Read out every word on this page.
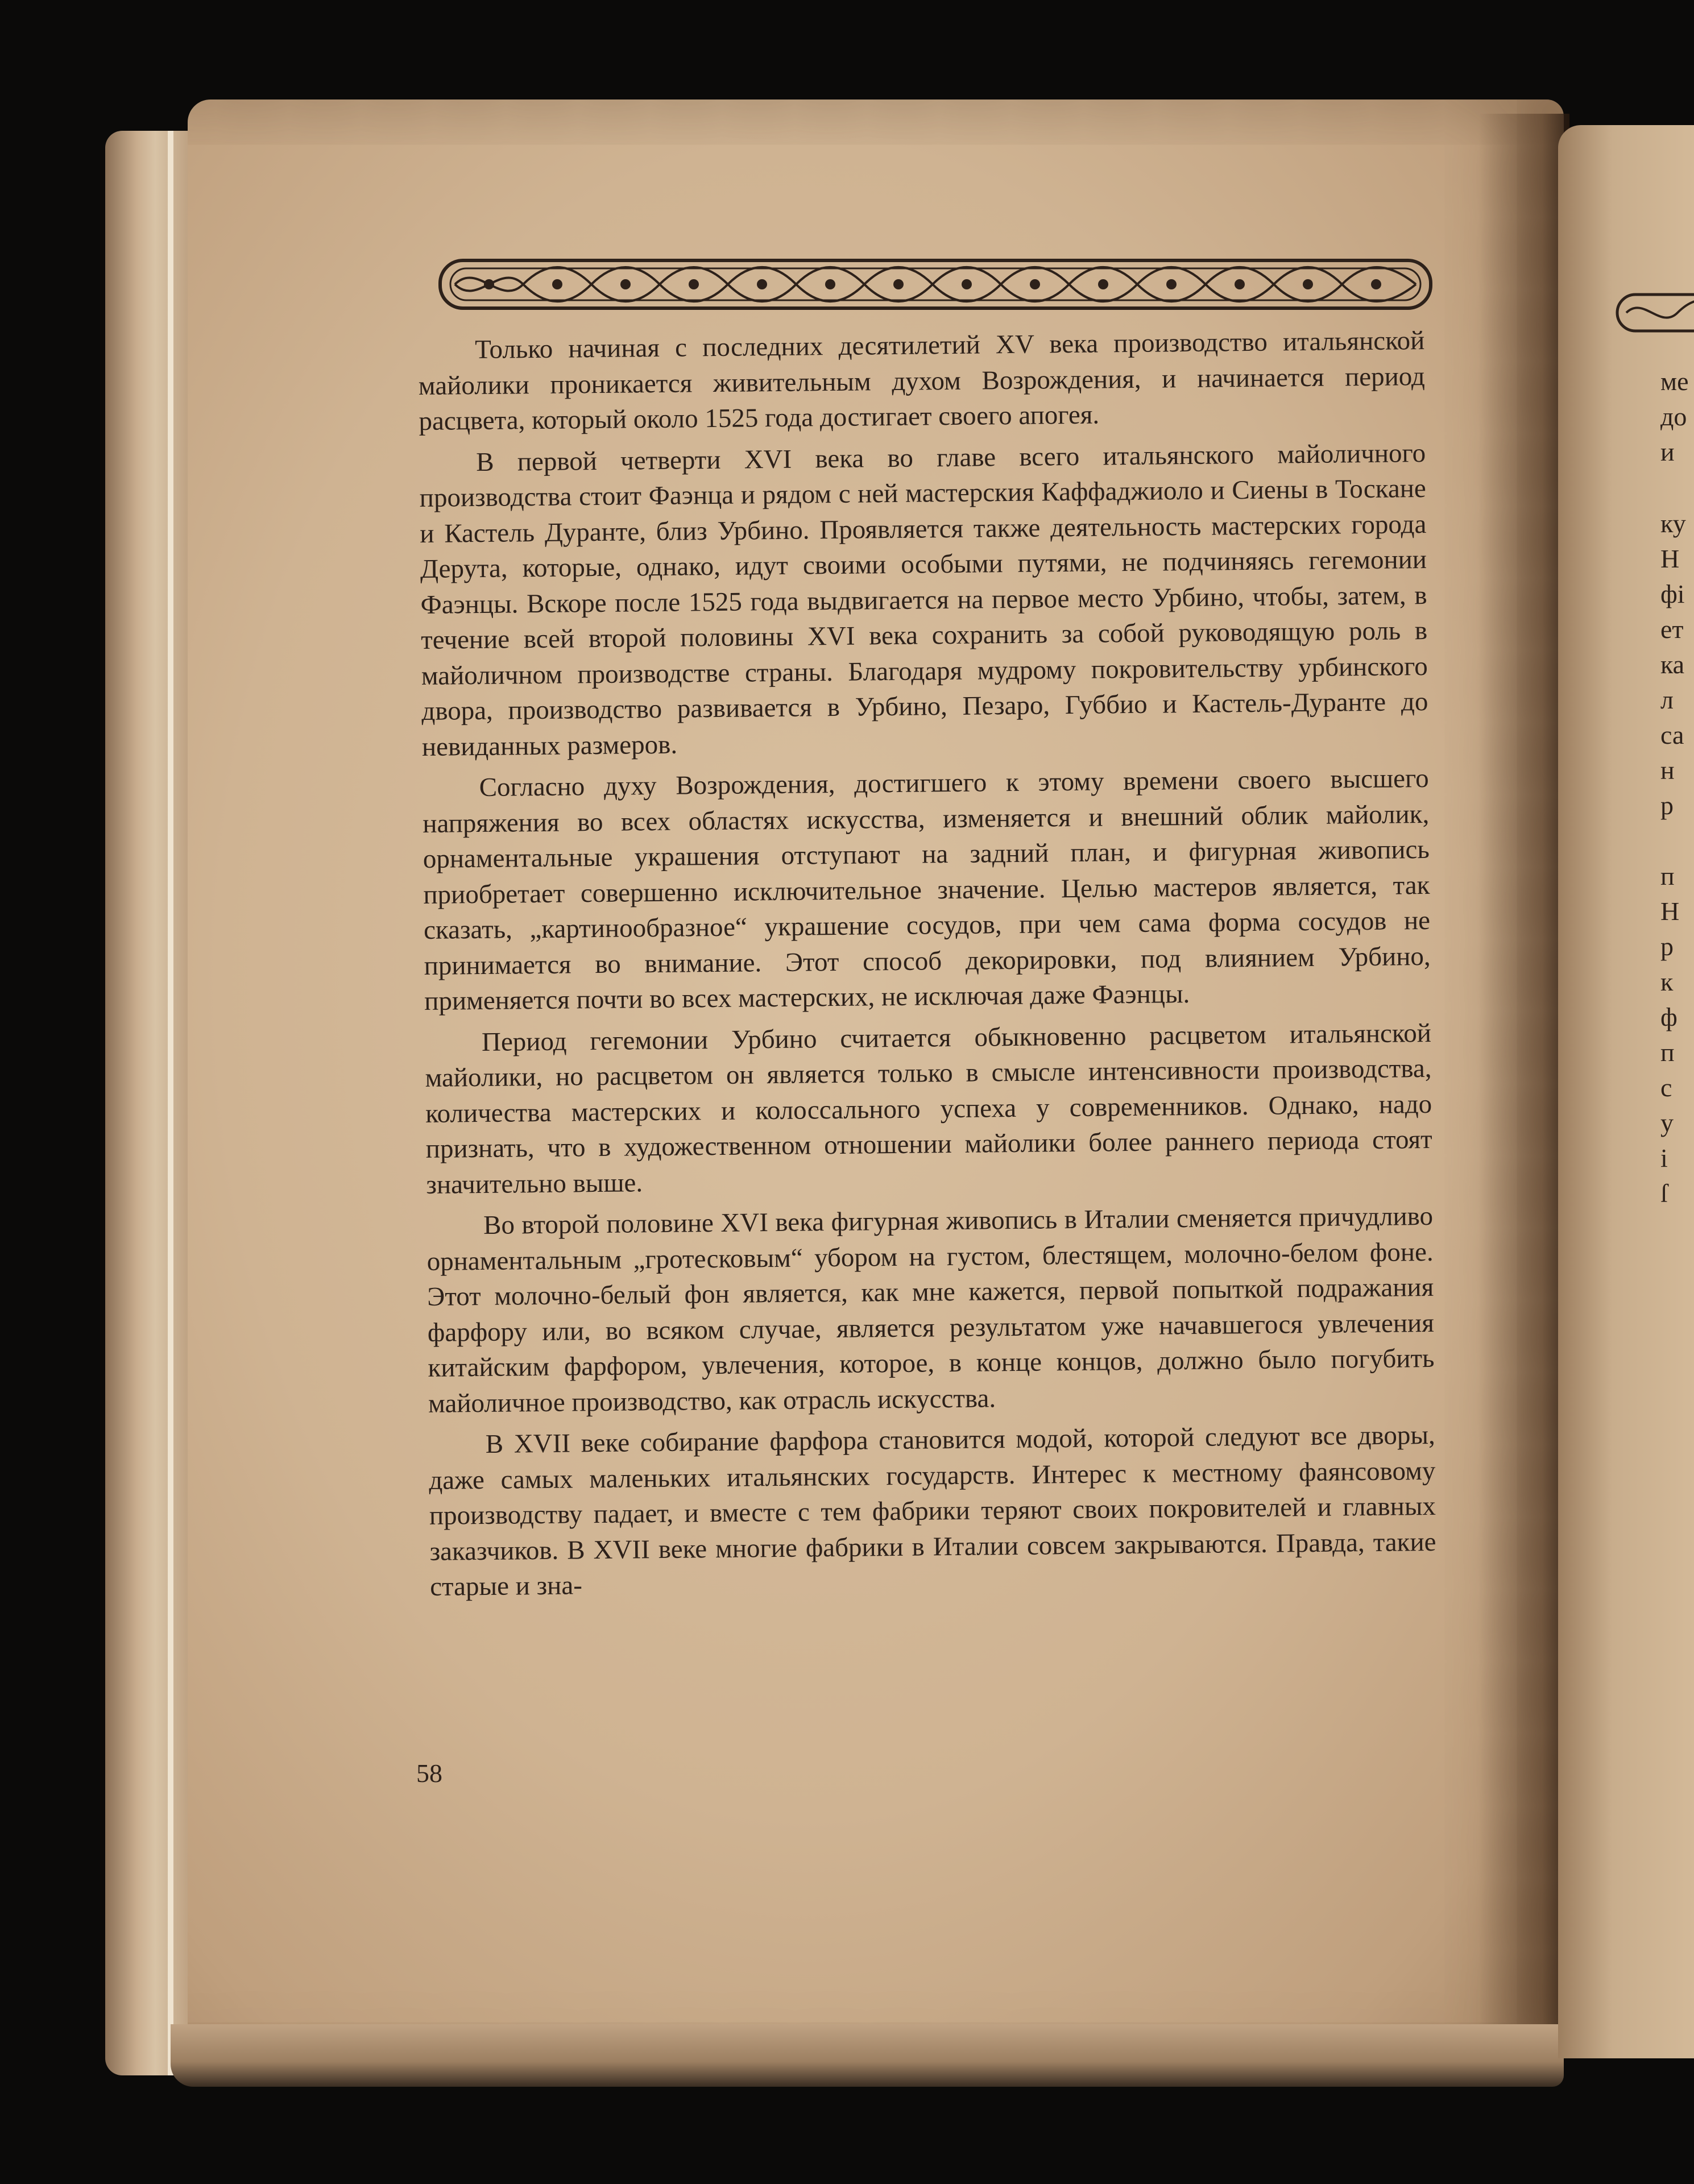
Только начиная с последних десятилетий XV века производство итальянской майолики проникается живительным духом Возрождения, и начинается период расцвета, который около 1525 года достигает своего апогея.

В первой четверти XVI века во главе всего итальянского майоличного производства стоит Фаэнца и рядом с ней мастерския Каффаджиоло и Сиены в Тоскане и Кастель Дуранте, близ Урбино. Проявляется также деятельность мастерских города Дерута, которые, однако, идут своими особыми путями, не подчиняясь гегемонии Фаэнцы. Вскоре после 1525 года выдвигается на первое место Урбино, чтобы, затем, в течение всей второй половины XVI века сохранить за собой руководящую роль в майоличном производстве страны. Благодаря мудрому покровительству урбинского двора, производство развивается в Урбино, Пезаро, Губбио и Кастель-Дуранте до невиданных размеров.

Согласно духу Возрождения, достигшего к этому времени своего высшего напряжения во всех областях искусства, изменяется и внешний облик майолик, орнаментальные украшения отступают на задний план, и фигурная живопись приобретает совершенно исключительное значение. Целью мастеров является, так сказать, „картинообразное“ украшение сосудов, при чем сама форма сосудов не принимается во внимание. Этот способ декорировки, под влиянием Урбино, применяется почти во всех мастерских, не исключая даже Фаэнцы.

Период гегемонии Урбино считается обыкновенно расцветом итальянской майолики, но расцветом он является только в смысле интенсивности производства, количества мастерских и колоссального успеха у современников. Однако, надо признать, что в художественном отношении майолики более раннего периода стоят значительно выше.

Во второй половине XVI века фигурная живопись в Италии сменяется причудливо орнаментальным „гротесковым“ убором на густом, блестящем, молочно-белом фоне. Этот молочно-белый фон является, как мне кажется, первой попыткой подражания фарфору или, во всяком случае, является результатом уже начавшегося увлечения китайским фарфором, увлечения, которое, в конце концов, должно было погубить майоличное производство, как отрасль искусства.

В XVII веке собирание фарфора становится модой, которой следуют все дворы, даже самых маленьких итальянских государств. Интерес к местному фаянсовому производству падает, и вместе с тем фабрики теряют своих покровителей и главных заказчиков. В XVII веке многие фабрики в Италии совсем закрываются. Правда, такие старые и зна-

58
ме
до
и
ку
Н
фі
ет
ка
л
са
н
р
п
Н
р
к
ф
п
с
у
і
ſ
